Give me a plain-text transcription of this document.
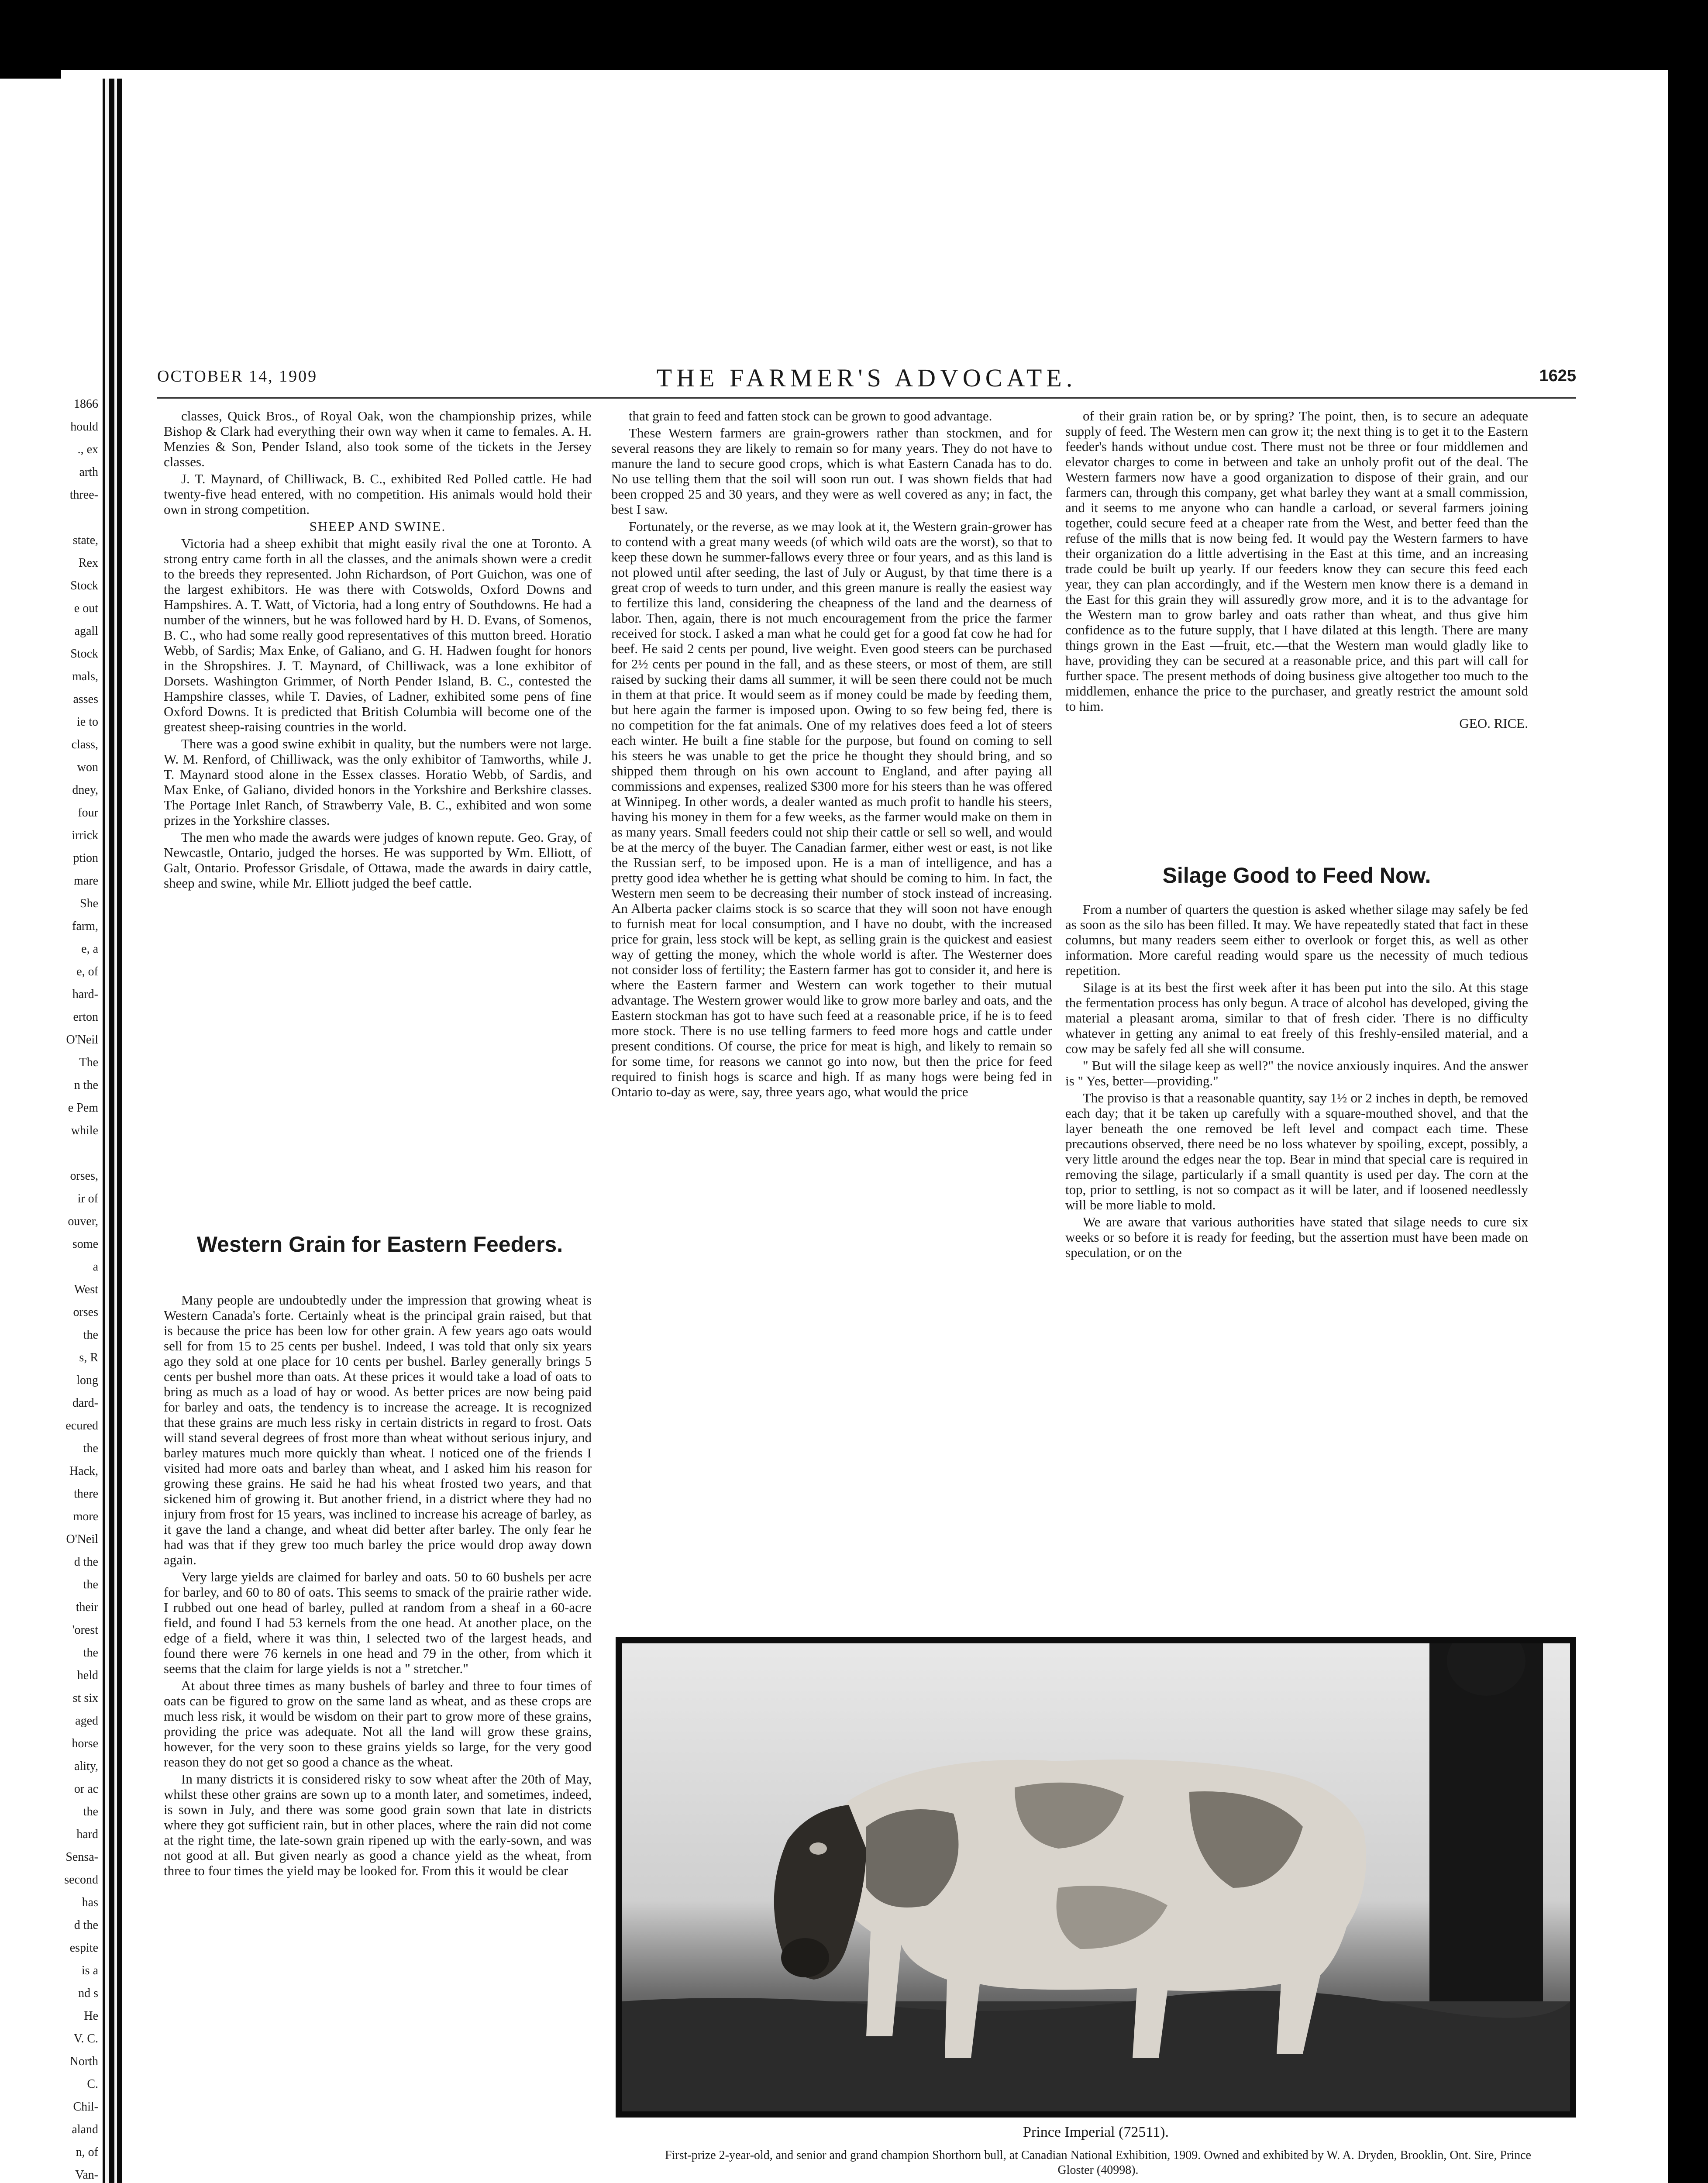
1866
hould
., ex
arth
three-
state,
Rex
Stock
e out
agall
Stock
mals,
asses
ie to
class,
won
dney,
four
irrick
ption
mare
She
farm,
e, a
e, of
hard-
erton
O'Neil
The
n the
e Pem
while
orses,
ir of
ouver,
some
a
West
orses
the
s, R
long
dard-
ecured
the
Hack,
there
more
O'Neil
d the
the
their
'orest
the
held
st six
aged
horse
ality,
or ac
the
hard
Sensa-
second
has
d the
espite
is a
nd s
He
V. C.
North
C.
Chil-
aland
n, of
Van-
OCTOBER 14, 1909	THE FARMER'S ADVOCATE.	1625

classes, Quick Bros., of Royal Oak, won the championship prizes, while Bishop & Clark had everything their own way when it came to females. A. H. Menzies & Son, Pender Island, also took some of the tickets in the Jersey classes.

J. T. Maynard, of Chilliwack, B. C., exhibited Red Polled cattle. He had twenty-five head entered, with no competition. His animals would hold their own in strong competition.

SHEEP AND SWINE.

Victoria had a sheep exhibit that might easily rival the one at Toronto. A strong entry came forth in all the classes, and the animals shown were a credit to the breeds they represented. John Richardson, of Port Guichon, was one of the largest exhibitors. He was there with Cotswolds, Oxford Downs and Hampshires. A. T. Watt, of Victoria, had a long entry of Southdowns. He had a number of the winners, but he was followed hard by H. D. Evans, of Somenos, B. C., who had some really good representatives of this mutton breed. Horatio Webb, of Sardis; Max Enke, of Galiano, and G. H. Hadwen fought for honors in the Shropshires. J. T. Maynard, of Chilliwack, was a lone exhibitor of Dorsets. Washington Grimmer, of North Pender Island, B. C., contested the Hampshire classes, while T. Davies, of Ladner, exhibited some pens of fine Oxford Downs. It is predicted that British Columbia will become one of the greatest sheep-raising countries in the world.

There was a good swine exhibit in quality, but the numbers were not large. W. M. Renford, of Chilliwack, was the only exhibitor of Tamworths, while J. T. Maynard stood alone in the Essex classes. Horatio Webb, of Sardis, and Max Enke, of Galiano, divided honors in the Yorkshire and Berkshire classes. The Portage Inlet Ranch, of Strawberry Vale, B. C., exhibited and won some prizes in the Yorkshire classes.

The men who made the awards were judges of known repute. Geo. Gray, of Newcastle, Ontario, judged the horses. He was supported by Wm. Elliott, of Galt, Ontario. Professor Grisdale, of Ottawa, made the awards in dairy cattle, sheep and swine, while Mr. Elliott judged the beef cattle.

Western Grain for Eastern Feeders.

Many people are undoubtedly under the impression that growing wheat is Western Canada's forte. Certainly wheat is the principal grain raised, but that is because the price has been low for other grain. A few years ago oats would sell for from 15 to 25 cents per bushel. Indeed, I was told that only six years ago they sold at one place for 10 cents per bushel. Barley generally brings 5 cents per bushel more than oats. At these prices it would take a load of oats to bring as much as a load of hay or wood. As better prices are now being paid for barley and oats, the tendency is to increase the acreage. It is recognized that these grains are much less risky in certain districts in regard to frost. Oats will stand several degrees of frost more than wheat without serious injury, and barley matures much more quickly than wheat. I noticed one of the friends I visited had more oats and barley than wheat, and I asked him his reason for growing these grains. He said he had his wheat frosted two years, and that sickened him of growing it. But another friend, in a district where they had no injury from frost for 15 years, was inclined to increase his acreage of barley, as it gave the land a change, and wheat did better after barley. The only fear he had was that if they grew too much barley the price would drop away down again.

Very large yields are claimed for barley and oats. 50 to 60 bushels per acre for barley, and 60 to 80 of oats. This seems to smack of the prairie rather wide. I rubbed out one head of barley, pulled at random from a sheaf in a 60-acre field, and found I had 53 kernels from the one head. At another place, on the edge of a field, where it was thin, I selected two of the largest heads, and found there were 76 kernels in one head and 79 in the other, from which it seems that the claim for large yields is not a " stretcher."

At about three times as many bushels of barley and three to four times of oats can be figured to grow on the same land as wheat, and as these crops are much less risk, it would be wisdom on their part to grow more of these grains, providing the price was adequate. Not all the land will grow these grains, however, for the very soon to these grains yields so large, for the very good reason they do not get so good a chance as the wheat.

In many districts it is considered risky to sow wheat after the 20th of May, whilst these other grains are sown up to a month later, and sometimes, indeed, is sown in July, and there was some good grain sown that late in districts where they got sufficient rain, but in other places, where the rain did not come at the right time, the late-sown grain ripened up with the early-sown, and was not good at all. But given nearly as good a chance yield as the wheat, from three to four times the yield may be looked for. From this it would be clear

that grain to feed and fatten stock can be grown to good advantage.

These Western farmers are grain-growers rather than stockmen, and for several reasons they are likely to remain so for many years. They do not have to manure the land to secure good crops, which is what Eastern Canada has to do. No use telling them that the soil will soon run out. I was shown fields that had been cropped 25 and 30 years, and they were as well covered as any; in fact, the best I saw.

Fortunately, or the reverse, as we may look at it, the Western grain-grower has to contend with a great many weeds (of which wild oats are the worst), so that to keep these down he summer-fallows every three or four years, and as this land is not plowed until after seeding, the last of July or August, by that time there is a great crop of weeds to turn under, and this green manure is really the easiest way to fertilize this land, considering the cheapness of the land and the dearness of labor. Then, again, there is not much encouragement from the price the farmer received for stock. I asked a man what he could get for a good fat cow he had for beef. He said 2 cents per pound, live weight. Even good steers can be purchased for 2½ cents per pound in the fall, and as these steers, or most of them, are still raised by sucking their dams all summer, it will be seen there could not be much in them at that price. It would seem as if money could be made by feeding them, but here again the farmer is imposed upon. Owing to so few being fed, there is no competition for the fat animals. One of my relatives does feed a lot of steers each winter. He built a fine stable for the purpose, but found on coming to sell his steers he was unable to get the price he thought they should bring, and so shipped them through on his own account to England, and after paying all commissions and expenses, realized $300 more for his steers than he was offered at Winnipeg. In other words, a dealer wanted as much profit to handle his steers, having his money in them for a few weeks, as the farmer would make on them in as many years. Small feeders could not ship their cattle or sell so well, and would be at the mercy of the buyer. The Canadian farmer, either west or east, is not like the Russian serf, to be imposed upon. He is a man of intelligence, and has a pretty good idea whether he is getting what should be coming to him. In fact, the Western men seem to be decreasing their number of stock instead of increasing. An Alberta packer claims stock is so scarce that they will soon not have enough to furnish meat for local consumption, and I have no doubt, with the increased price for grain, less stock will be kept, as selling grain is the quickest and easiest way of getting the money, which the whole world is after. The Westerner does not consider loss of fertility; the Eastern farmer has got to consider it, and here is where the Eastern farmer and Western can work together to their mutual advantage. The Western grower would like to grow more barley and oats, and the Eastern stockman has got to have such feed at a reasonable price, if he is to feed more stock. There is no use telling farmers to feed more hogs and cattle under present conditions. Of course, the price for meat is high, and likely to remain so for some time, for reasons we cannot go into now, but then the price for feed required to finish hogs is scarce and high. If as many hogs were being fed in Ontario to-day as were, say, three years ago, what would the price

of their grain ration be, or by spring? The point, then, is to secure an adequate supply of feed. The Western men can grow it; the next thing is to get it to the Eastern feeder's hands without undue cost. There must not be three or four middlemen and elevator charges to come in between and take an unholy profit out of the deal. The Western farmers now have a good organization to dispose of their grain, and our farmers can, through this company, get what barley they want at a small commission, and it seems to me anyone who can handle a carload, or several farmers joining together, could secure feed at a cheaper rate from the West, and better feed than the refuse of the mills that is now being fed. It would pay the Western farmers to have their organization do a little advertising in the East at this time, and an increasing trade could be built up yearly. If our feeders know they can secure this feed each year, they can plan accordingly, and if the Western men know there is a demand in the East for this grain they will assuredly grow more, and it is to the advantage for the Western man to grow barley and oats rather than wheat, and thus give him confidence as to the future supply, that I have dilated at this length. There are many things grown in the East —fruit, etc.—that the Western man would gladly like to have, providing they can be secured at a reasonable price, and this part will call for further space. The present methods of doing business give altogether too much to the middlemen, enhance the price to the purchaser, and greatly restrict the amount sold to him.

GEO. RICE.

Silage Good to Feed Now.

From a number of quarters the question is asked whether silage may safely be fed as soon as the silo has been filled. It may. We have repeatedly stated that fact in these columns, but many readers seem either to overlook or forget this, as well as other information. More careful reading would spare us the necessity of much tedious repetition.

Silage is at its best the first week after it has been put into the silo. At this stage the fermentation process has only begun. A trace of alcohol has developed, giving the material a pleasant aroma, similar to that of fresh cider. There is no difficulty whatever in getting any animal to eat freely of this freshly-ensiled material, and a cow may be safely fed all she will consume.

" But will the silage keep as well?" the novice anxiously inquires. And the answer is " Yes, better—providing."

The proviso is that a reasonable quantity, say 1½ or 2 inches in depth, be removed each day; that it be taken up carefully with a square-mouthed shovel, and that the layer beneath the one removed be left level and compact each time. These precautions observed, there need be no loss whatever by spoiling, except, possibly, a very little around the edges near the top. Bear in mind that special care is required in removing the silage, particularly if a small quantity is used per day. The corn at the top, prior to settling, is not so compact as it will be later, and if loosened needlessly will be more liable to mold.

We are aware that various authorities have stated that silage needs to cure six weeks or so before it is ready for feeding, but the assertion must have been made on speculation, or on the

Prince Imperial (72511).
First-prize 2-year-old, and senior and grand champion Shorthorn bull, at Canadian National Exhibition, 1909. Owned and exhibited by W. A. Dryden, Brooklin, Ont. Sire, Prince Gloster (40998).
